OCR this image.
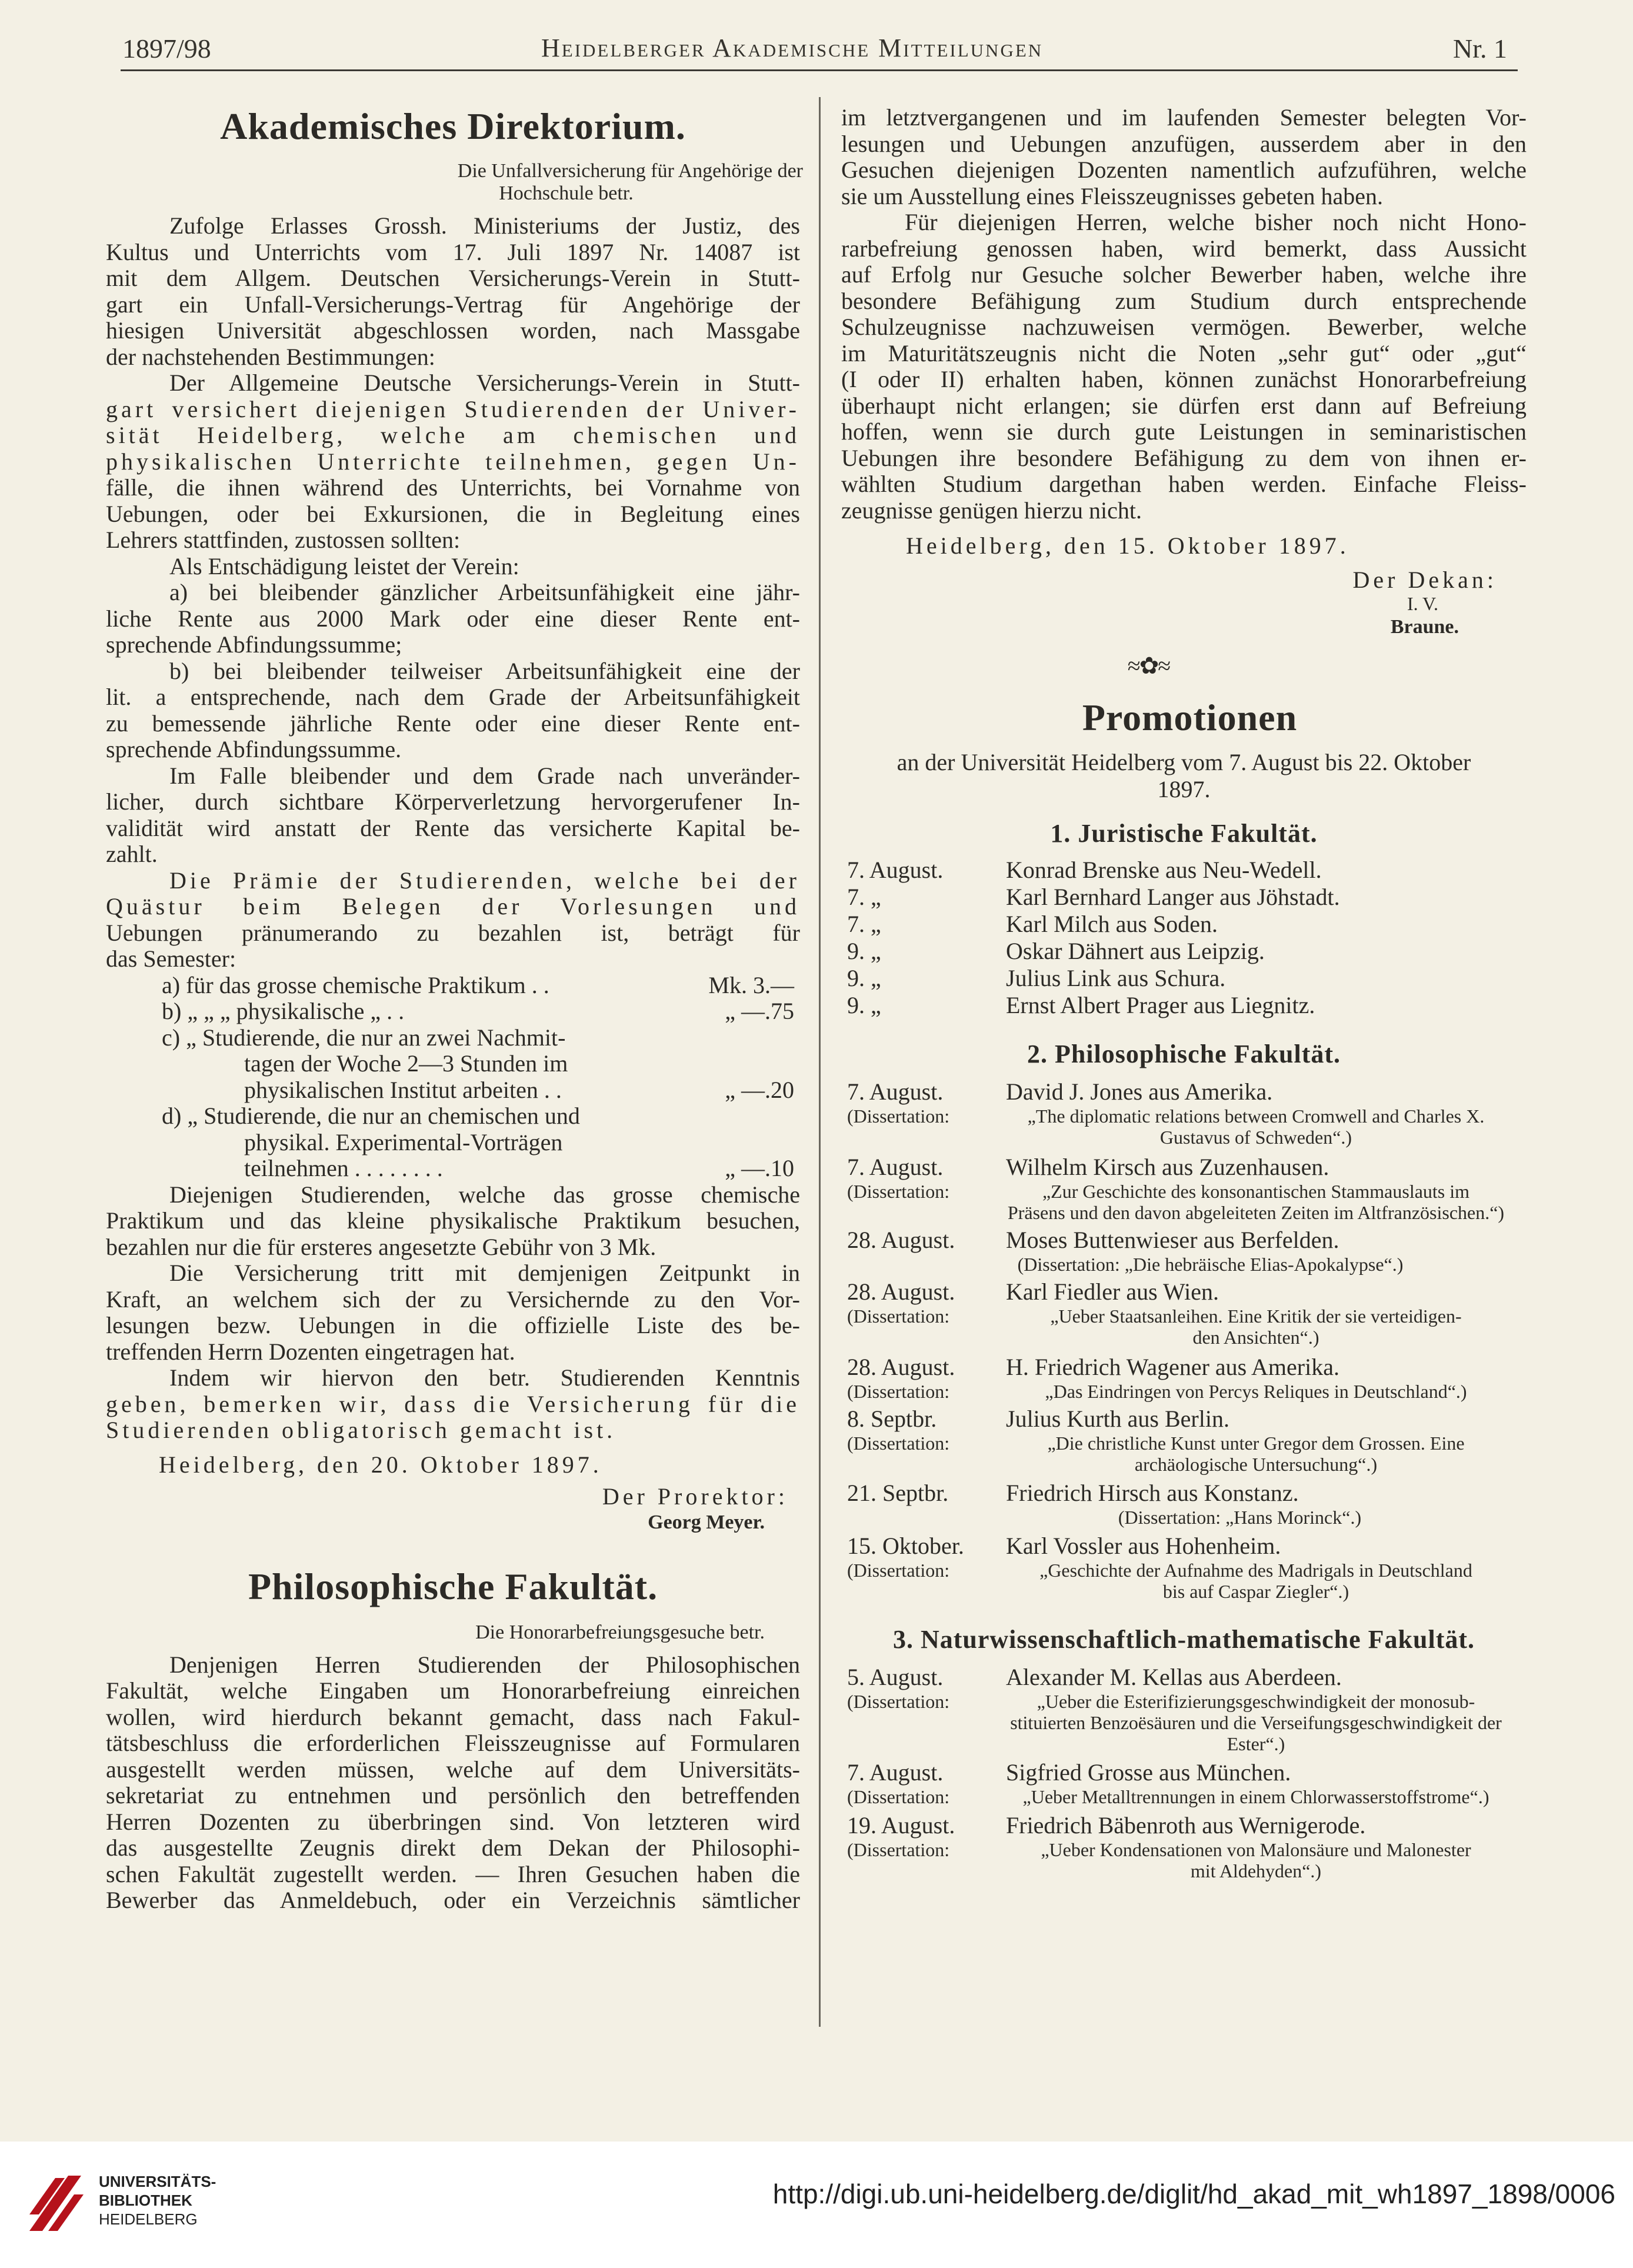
1897/98	Heidelberger Akademische Mitteilungen	Nr. 1
Akademisches Direktorium.
Die Unfallversicherung für Angehörige der
Hochschule betr.
Zufolge Erlasses Grossh. Ministeriums der Justiz, des
Kultus und Unterrichts vom 17. Juli 1897 Nr. 14087 ist
mit dem Allgem. Deutschen Versicherungs-Verein in Stutt-
gart ein Unfall-Versicherungs-Vertrag für Angehörige der
hiesigen Universität abgeschlossen worden, nach Massgabe
der nachstehenden Bestimmungen:
Der Allgemeine Deutsche Versicherungs-Verein in Stutt-
gart versichert diejenigen Studierenden der Univer-
sität Heidelberg, welche am chemischen und
physikalischen Unterrichte teilnehmen, gegen Un-
fälle, die ihnen während des Unterrichts, bei Vornahme von
Uebungen, oder bei Exkursionen, die in Begleitung eines
Lehrers stattfinden, zustossen sollten:
Als Entschädigung leistet der Verein:
a) bei bleibender gänzlicher Arbeitsunfähigkeit eine jähr-
liche Rente aus 2000 Mark oder eine dieser Rente ent-
sprechende Abfindungssumme;
b) bei bleibender teilweiser Arbeitsunfähigkeit eine der
lit. a entsprechende, nach dem Grade der Arbeitsunfähigkeit
zu bemessende jährliche Rente oder eine dieser Rente ent-
sprechende Abfindungssumme.
Im Falle bleibender und dem Grade nach unveränder-
licher, durch sichtbare Körperverletzung hervorgerufener In-
validität wird anstatt der Rente das versicherte Kapital be-
zahlt.
Die Prämie der Studierenden, welche bei der
Quästur beim Belegen der Vorlesungen und
Uebungen pränumerando zu bezahlen ist, beträgt für
das Semester:
a) für das grosse chemische Praktikum . .	Mk. 3.—
b) „ „ „ physikalische „ . .	„ —.75
c) „ Studierende, die nur an zwei Nachmit-
tagen der Woche 2—3 Stunden im
physikalischen Institut arbeiten . .	„ —.20
d) „ Studierende, die nur an chemischen und
physikal. Experimental-Vorträgen
teilnehmen . . . . . . . .	„ —.10
Diejenigen Studierenden, welche das grosse chemische
Praktikum und das kleine physikalische Praktikum besuchen,
bezahlen nur die für ersteres angesetzte Gebühr von 3 Mk.
Die Versicherung tritt mit demjenigen Zeitpunkt in
Kraft, an welchem sich der zu Versichernde zu den Vor-
lesungen bezw. Uebungen in die offizielle Liste des be-
treffenden Herrn Dozenten eingetragen hat.
Indem wir hiervon den betr. Studierenden Kenntnis
geben, bemerken wir, dass die Versicherung für die
Studierenden obligatorisch gemacht ist.
Heidelberg, den 20. Oktober 1897.
Der Prorektor:
Georg Meyer.
Philosophische Fakultät.
Die Honorarbefreiungsgesuche betr.
Denjenigen Herren Studierenden der Philosophischen
Fakultät, welche Eingaben um Honorarbefreiung einreichen
wollen, wird hierdurch bekannt gemacht, dass nach Fakul-
tätsbeschluss die erforderlichen Fleisszeugnisse auf Formularen
ausgestellt werden müssen, welche auf dem Universitäts-
sekretariat zu entnehmen und persönlich den betreffenden
Herren Dozenten zu überbringen sind. Von letzteren wird
das ausgestellte Zeugnis direkt dem Dekan der Philosophi-
schen Fakultät zugestellt werden. — Ihren Gesuchen haben die
Bewerber das Anmeldebuch, oder ein Verzeichnis sämtlicher
im letztvergangenen und im laufenden Semester belegten Vor-
lesungen und Uebungen anzufügen, ausserdem aber in den
Gesuchen diejenigen Dozenten namentlich aufzuführen, welche
sie um Ausstellung eines Fleisszeugnisses gebeten haben.
Für diejenigen Herren, welche bisher noch nicht Hono-
rarbefreiung genossen haben, wird bemerkt, dass Aussicht
auf Erfolg nur Gesuche solcher Bewerber haben, welche ihre
besondere Befähigung zum Studium durch entsprechende
Schulzeugnisse nachzuweisen vermögen. Bewerber, welche
im Maturitätszeugnis nicht die Noten „sehr gut“ oder „gut“
(I oder II) erhalten haben, können zunächst Honorarbefreiung
überhaupt nicht erlangen; sie dürfen erst dann auf Befreiung
hoffen, wenn sie durch gute Leistungen in seminaristischen
Uebungen ihre besondere Befähigung zu dem von ihnen er-
wählten Studium dargethan haben werden. Einfache Fleiss-
zeugnisse genügen hierzu nicht.
Heidelberg, den 15. Oktober 1897.
Der Dekan:
I. V.
Braune.
≈✿≈
Promotionen
an der Universität Heidelberg vom 7. August bis 22. Oktober
1897.
1. Juristische Fakultät.
7. August.	Konrad Brenske aus Neu-Wedell.
7. „	Karl Bernhard Langer aus Jöhstadt.
7. „	Karl Milch aus Soden.
9. „	Oskar Dähnert aus Leipzig.
9. „	Julius Link aus Schura.
9. „	Ernst Albert Prager aus Liegnitz.
2. Philosophische Fakultät.
7. August.	David J. Jones aus Amerika.
(Dissertation:	„The diplomatic relations between Cromwell and Charles X.
Gustavus of Schweden“.)
7. August.	Wilhelm Kirsch aus Zuzenhausen.
(Dissertation:	„Zur Geschichte des konsonantischen Stammauslauts im
Präsens und den davon abgeleiteten Zeiten im Altfranzösischen.“)
28. August. Moses Buttenwieser aus Berfelden.
(Dissertation: „Die hebräische Elias-Apokalypse“.)
28. August. Karl Fiedler aus Wien.
(Dissertation:	„Ueber Staatsanleihen. Eine Kritik der sie verteidigen-
den Ansichten“.)
28. August. H. Friedrich Wagener aus Amerika.
(Dissertation:	„Das Eindringen von Percys Reliques in Deutschland“.)
8. Septbr.	Julius Kurth aus Berlin.
(Dissertation:	„Die christliche Kunst unter Gregor dem Grossen. Eine
archäologische Untersuchung“.)
21. Septbr. Friedrich Hirsch aus Konstanz.
(Dissertation: „Hans Morinck“.)
15. Oktober. Karl Vossler aus Hohenheim.
(Dissertation:	„Geschichte der Aufnahme des Madrigals in Deutschland
bis auf Caspar Ziegler“.)
3. Naturwissenschaftlich-mathematische Fakultät.
5. August.	Alexander M. Kellas aus Aberdeen.
(Dissertation:	„Ueber die Esterifizierungsgeschwindigkeit der monosub-
stituierten Benzoësäuren und die Verseifungsgeschwindigkeit der Ester“.)
7. August.	Sigfried Grosse aus München.
(Dissertation:	„Ueber Metalltrennungen in einem Chlorwasserstoffstrome“.)
19. August. Friedrich Bäbenroth aus Wernigerode.
(Dissertation:	„Ueber Kondensationen von Malonsäure und Malonester
mit Aldehyden“.)
UNIVERSITÄTS-
BIBLIOTHEK
HEIDELBERG
http://digi.ub.uni-heidelberg.de/diglit/hd_akad_mit_wh1897_1898/0006
